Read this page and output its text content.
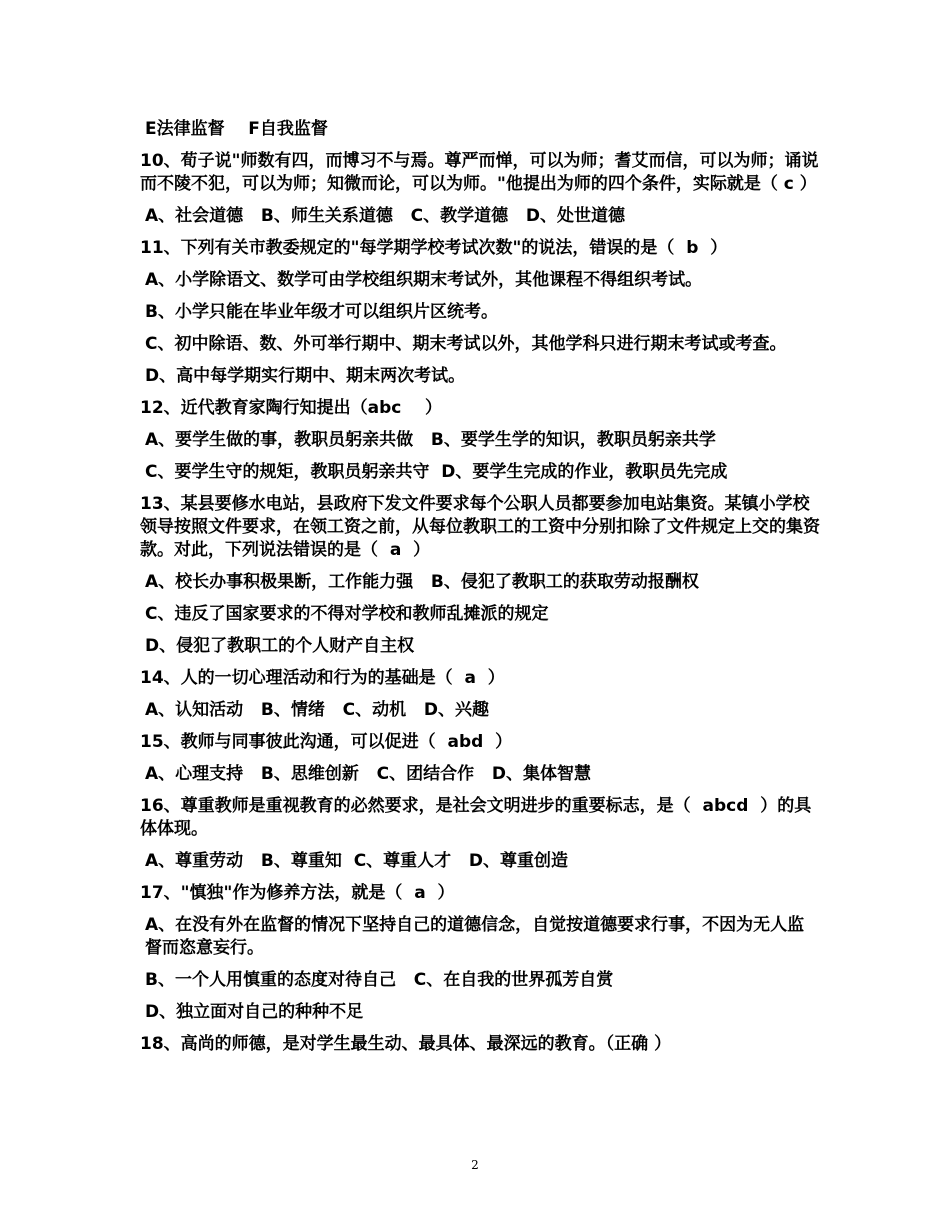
E法律监督    F自我监督

10、荀子说"师数有四，而博习不与焉。尊严而惮，可以为师；耆艾而信，可以为师；诵说而不陵不犯，可以为师；知微而论，可以为师。"他提出为师的四个条件，实际就是（ c ）

A、社会道德   B、师生关系道德   C、教学道德   D、处世道德

11、下列有关市教委规定的"每学期学校考试次数"的说法，错误的是（  b  ）

A、小学除语文、数学可由学校组织期末考试外，其他课程不得组织考试。

B、小学只能在毕业年级才可以组织片区统考。

C、初中除语、数、外可举行期中、期末考试以外，其他学科只进行期末考试或考查。

D、高中每学期实行期中、期末两次考试。

12、近代教育家陶行知提出（abc    ）

A、要学生做的事，教职员躬亲共做   B、要学生学的知识，教职员躬亲共学

C、要学生守的规矩，教职员躬亲共守  D、要学生完成的作业，教职员先完成

13、某县要修水电站，县政府下发文件要求每个公职人员都要参加电站集资。某镇小学校领导按照文件要求，在领工资之前，从每位教职工的工资中分别扣除了文件规定上交的集资款。对此，下列说法错误的是（  a  ）

A、校长办事积极果断，工作能力强   B、侵犯了教职工的获取劳动报酬权

C、违反了国家要求的不得对学校和教师乱摊派的规定

D、侵犯了教职工的个人财产自主权

14、人的一切心理活动和行为的基础是（  a  ）

A、认知活动   B、情绪   C、动机   D、兴趣

15、教师与同事彼此沟通，可以促进（  abd  ）

A、心理支持   B、思维创新   C、团结合作   D、集体智慧

16、尊重教师是重视教育的必然要求，是社会文明进步的重要标志，是（  abcd  ）的具体体现。

A、尊重劳动   B、尊重知  C、尊重人才   D、尊重创造

17、"慎独"作为修养方法，就是（  a  ）

A、在没有外在监督的情况下坚持自己的道德信念，自觉按道德要求行事，不因为无人监督而恣意妄行。

B、一个人用慎重的态度对待自己   C、在自我的世界孤芳自赏

D、独立面对自己的种种不足

18、高尚的师德，是对学生最生动、最具体、最深远的教育。（正确 ）

2
